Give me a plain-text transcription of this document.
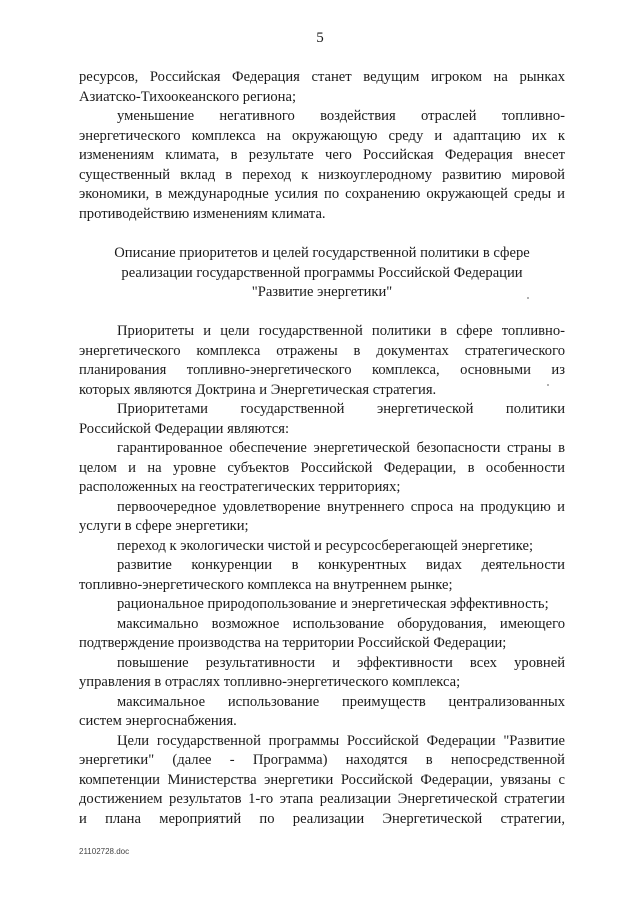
5
ресурсов, Российская Федерация станет ведущим игроком на рынках
Азиатско-Тихоокеанского региона;
уменьшение негативного воздействия отраслей топливно-
энергетического комплекса на окружающую среду и адаптацию их к
изменениям климата, в результате чего Российская Федерация внесет
существенный вклад в переход к низкоуглеродному развитию мировой
экономики, в международные усилия по сохранению окружающей среды и
противодействию изменениям климата.
Описание приоритетов и целей государственной политики в сфере
реализации государственной программы Российской Федерации
"Развитие энергетики"
Приоритеты и цели государственной политики в сфере топливно-
энергетического комплекса отражены в документах стратегического
планирования топливно-энергетического комплекса, основными из
которых являются Доктрина и Энергетическая стратегия.
Приоритетами государственной энергетической политики
Российской Федерации являются:
гарантированное обеспечение энергетической безопасности страны в
целом и на уровне субъектов Российской Федерации, в особенности
расположенных на геостратегических территориях;
первоочередное удовлетворение внутреннего спроса на продукцию и
услуги в сфере энергетики;
переход к экологически чистой и ресурсосберегающей энергетике;
развитие конкуренции в конкурентных видах деятельности
топливно-энергетического комплекса на внутреннем рынке;
рациональное природопользование и энергетическая эффективность;
максимально возможное использование оборудования, имеющего
подтверждение производства на территории Российской Федерации;
повышение результативности и эффективности всех уровней
управления в отраслях топливно-энергетического комплекса;
максимальное использование преимуществ централизованных
систем энергоснабжения.
Цели государственной программы Российской Федерации "Развитие
энергетики" (далее - Программа) находятся в непосредственной
компетенции Министерства энергетики Российской Федерации, увязаны с
достижением результатов 1-го этапа реализации Энергетической стратегии
и плана мероприятий по реализации Энергетической стратегии,
21102728.doc
